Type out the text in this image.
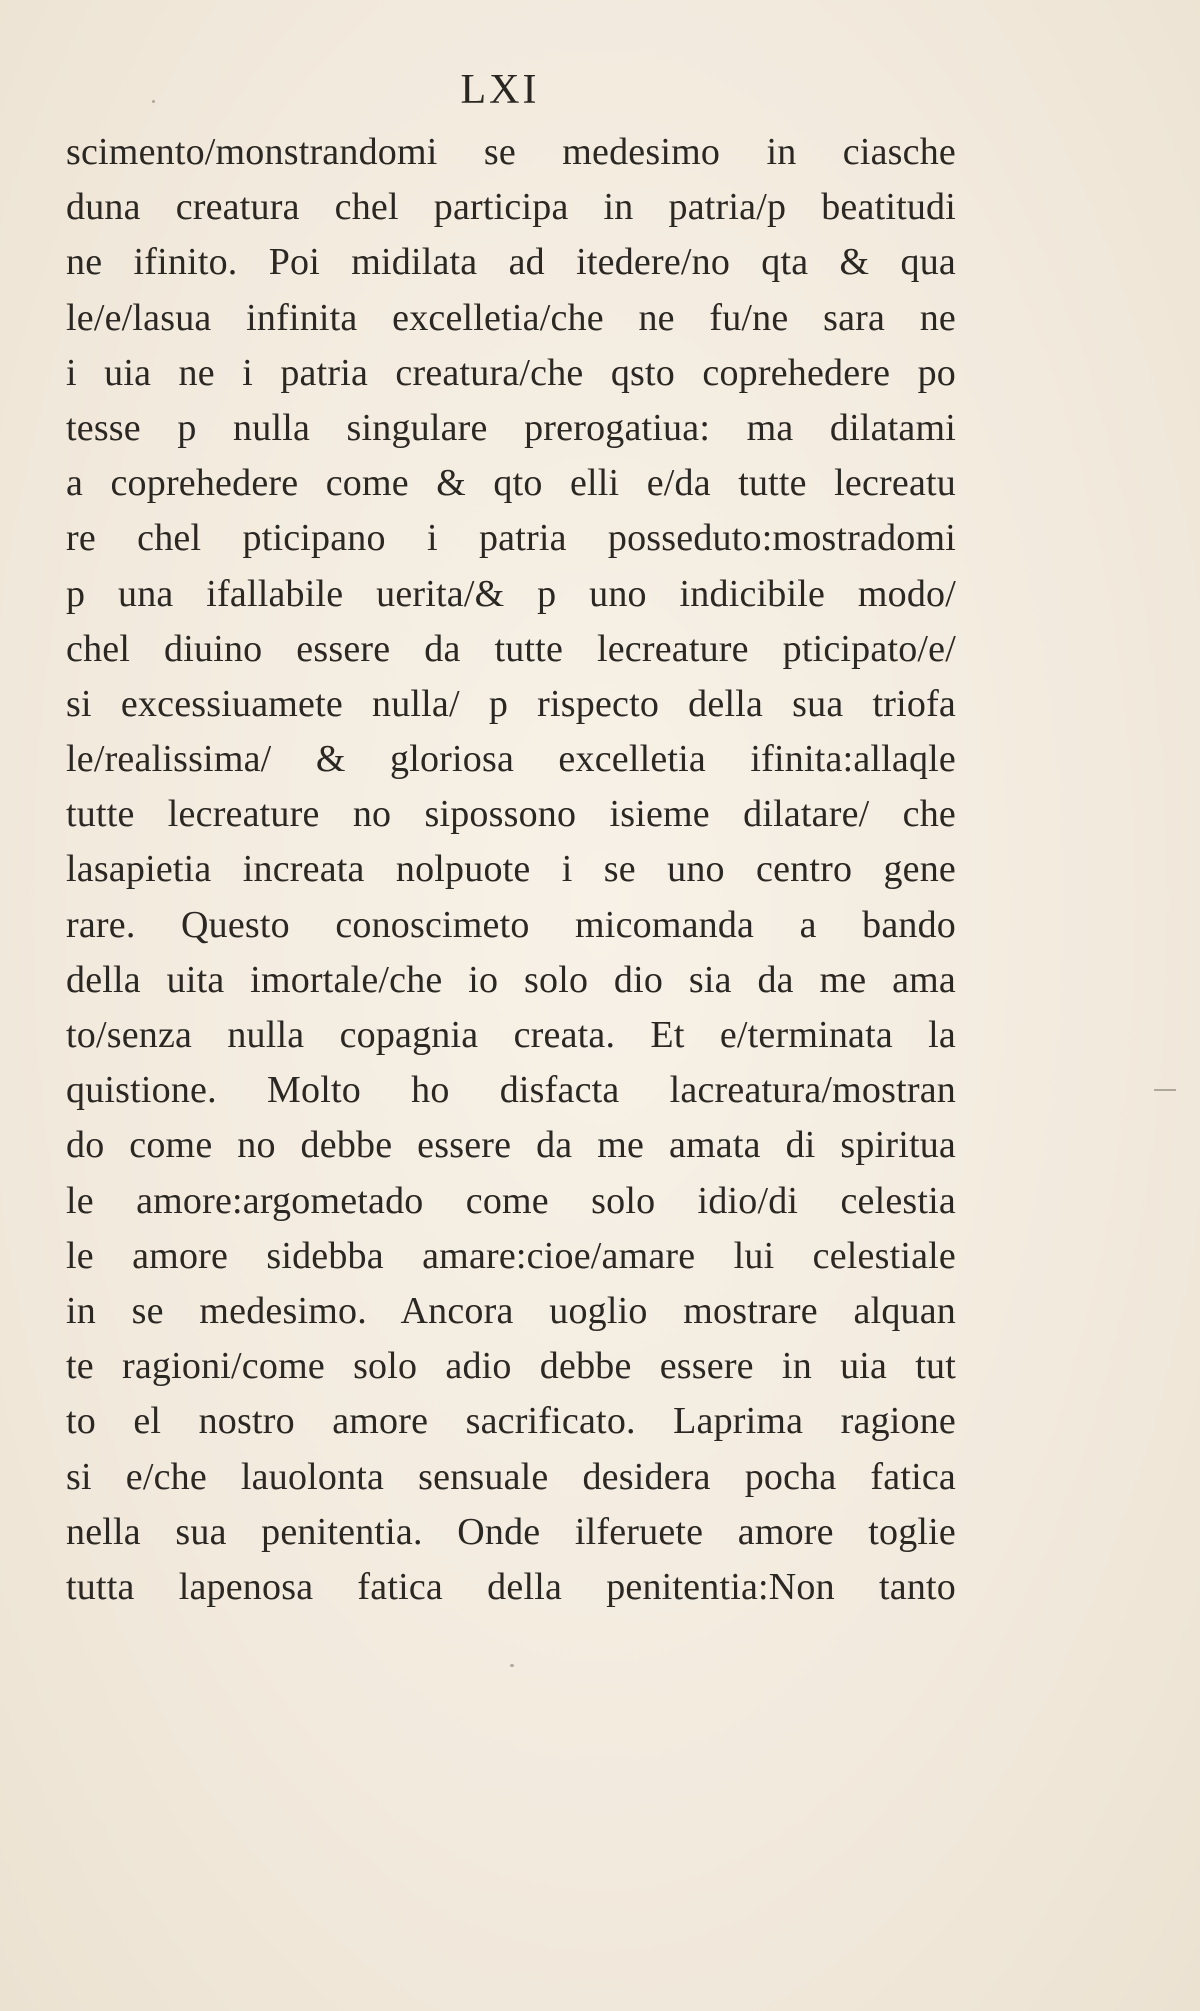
LXI
scimento/monstrandomi se medesimo in ciasche
duna creatura chel participa in patria/p beatitudi
ne ifinito. Poi midilata ad itedere/no qta & qua
le/e/lasua infinita excelletia/che ne fu/ne sara ne
i uia ne i patria creatura/che qsto coprehedere po
tesse p nulla singulare prerogatiua: ma dilatami
a coprehedere come & qto elli e/da tutte lecreatu
re chel pticipano i patria posseduto:mostradomi
p una ifallabile uerita/& p uno indicibile modo/
chel diuino essere da tutte lecreature pticipato/e/
si excessiuamete nulla/ p rispecto della sua triofa
le/realissima/ & gloriosa excelletia ifinita:allaqle
tutte lecreature no sipossono isieme dilatare/ che
lasapietia increata nolpuote i se uno centro gene
rare. Questo conoscimeto micomanda a bando
della uita imortale/che io solo dio sia da me ama
to/senza nulla copagnia creata. Et e/terminata la
quistione. Molto ho disfacta lacreatura/mostran
do come no debbe essere da me amata di spiritua
le amore:argometado come solo idio/di celestia
le amore sidebba amare:cioe/amare lui celestiale
in se medesimo. Ancora uoglio mostrare alquan
te ragioni/come solo adio debbe essere in uia tut
to el nostro amore sacrificato. Laprima ragione
si e/che lauolonta sensuale desidera pocha fatica
nella sua penitentia. Onde ilferuete amore toglie
tutta lapenosa fatica della penitentia:Non tanto
